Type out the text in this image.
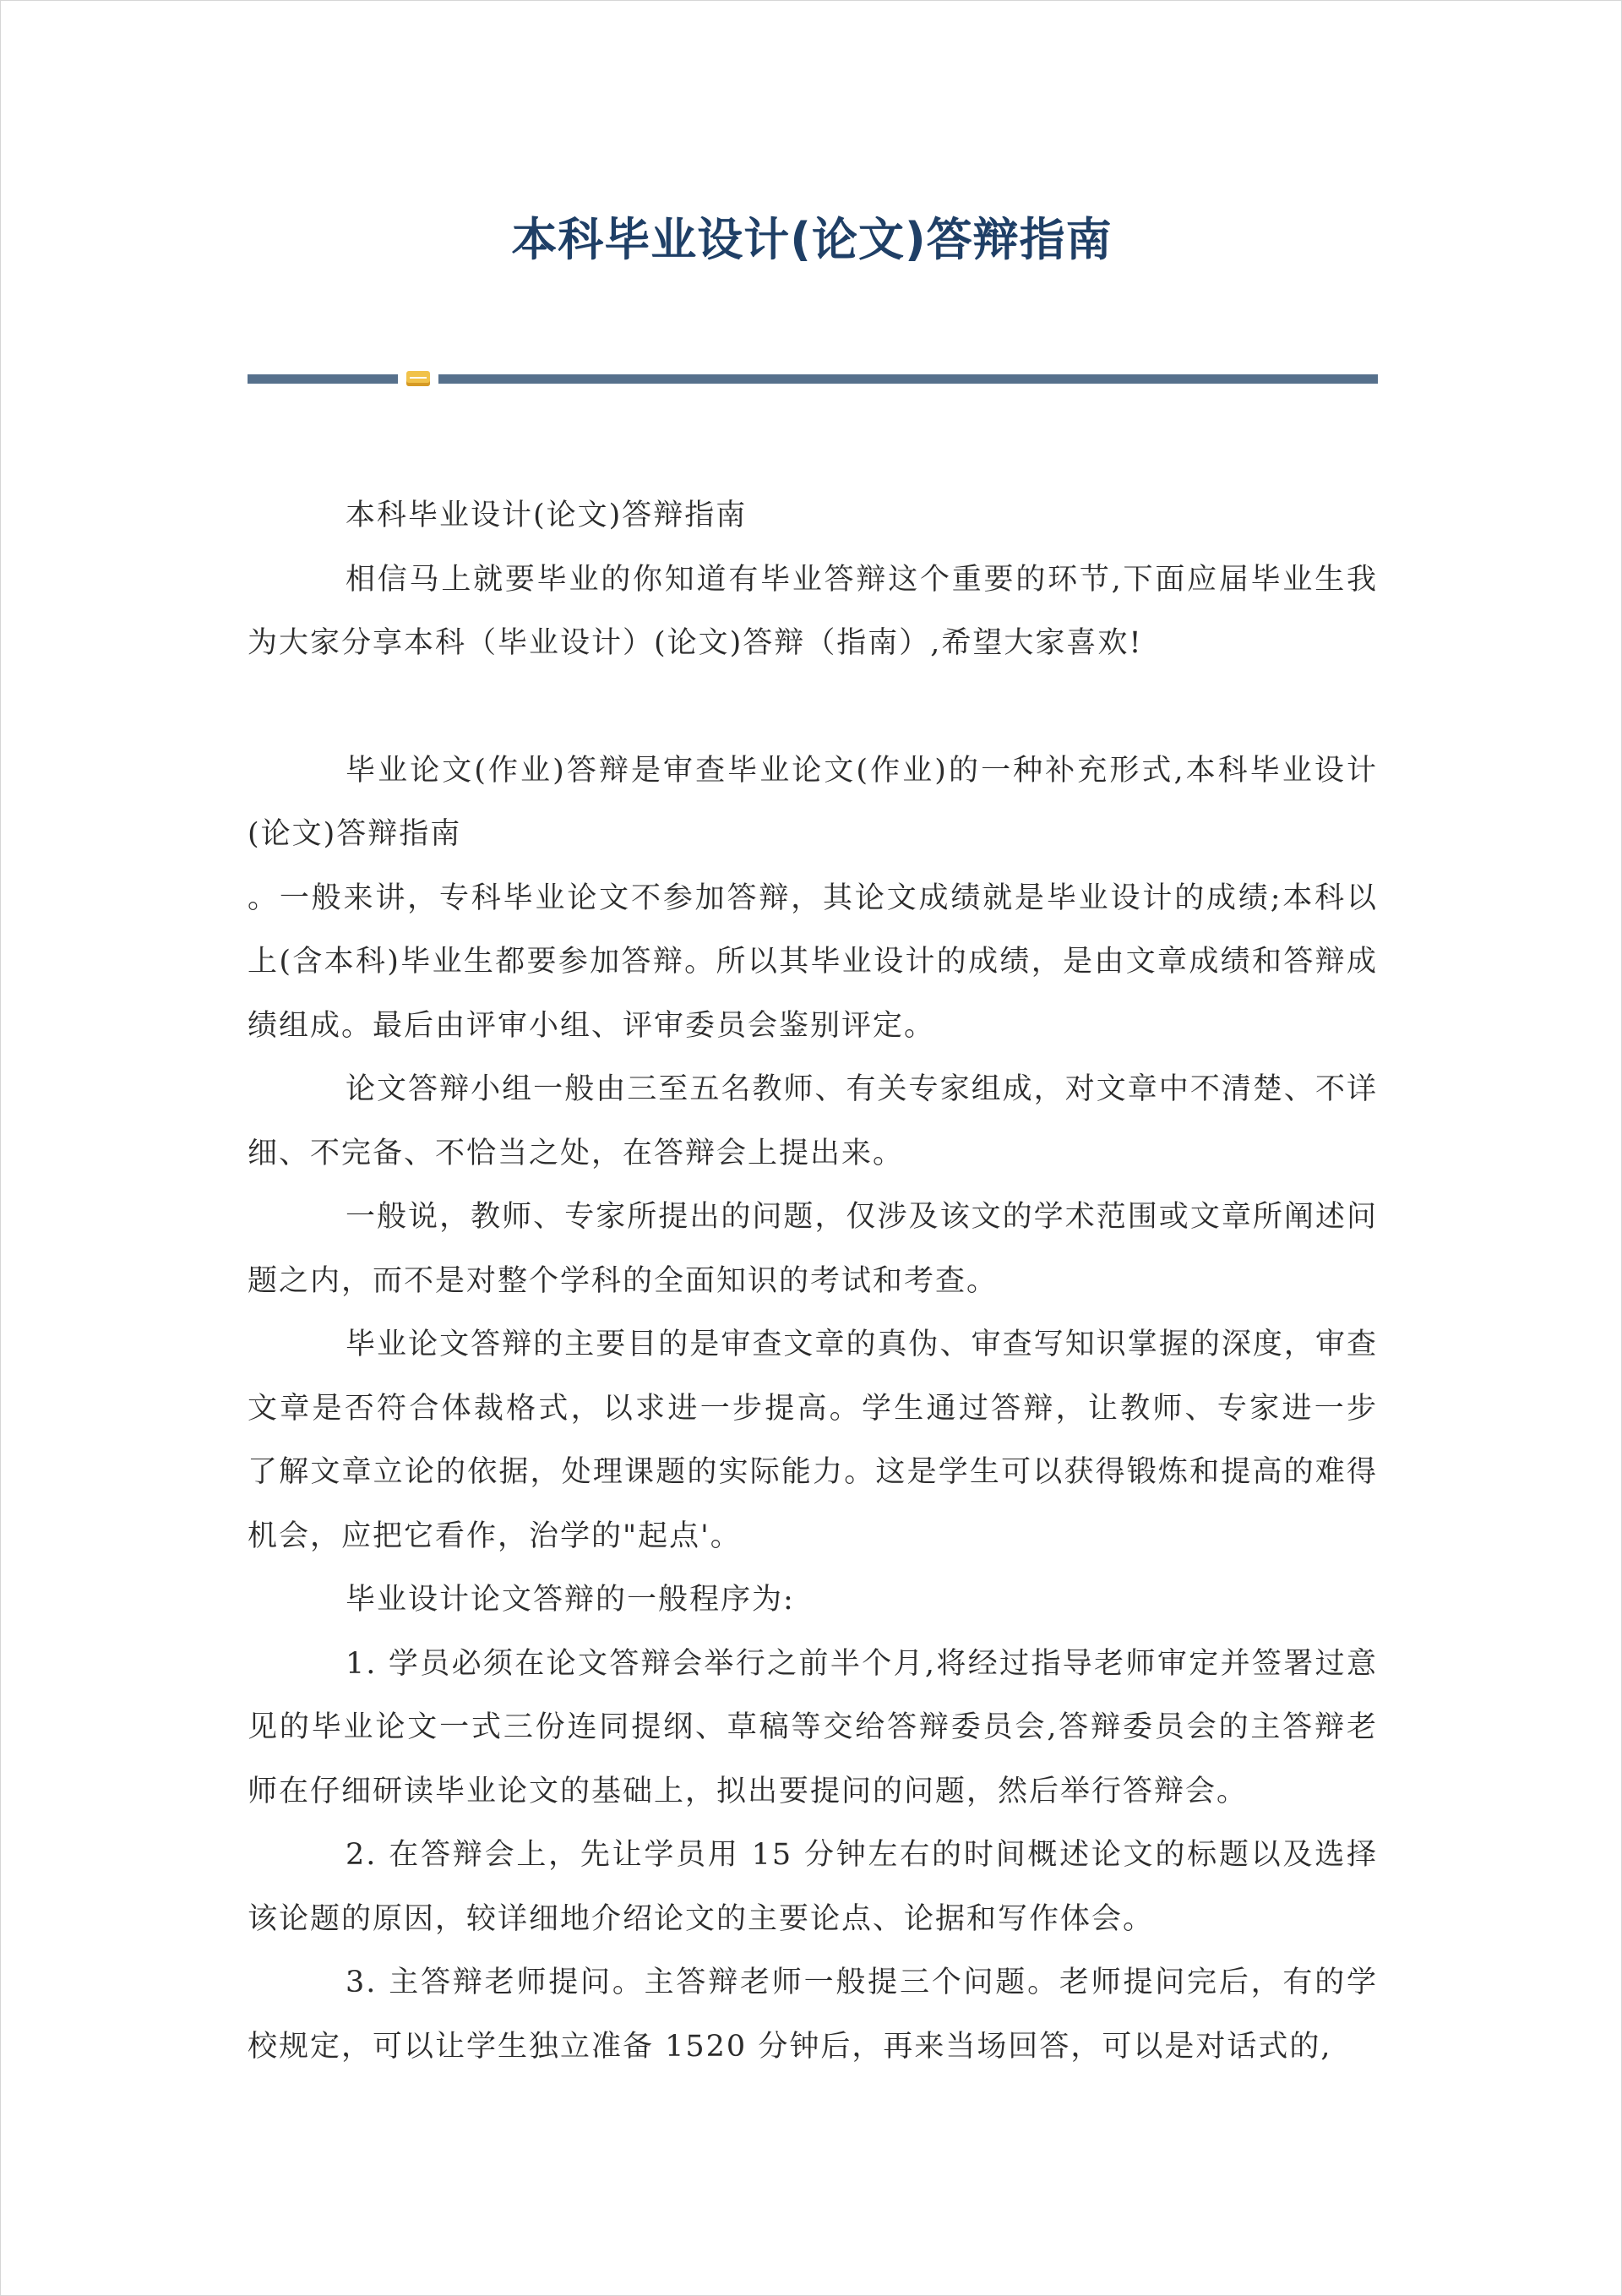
本科毕业设计(论文)答辩指南

本科毕业设计(论文)答辩指南

相信马上就要毕业的你知道有毕业答辩这个重要的环节,下面应届毕业生我为大家分享本科（毕业设计）(论文)答辩（指南）,希望大家喜欢!

毕业论文(作业)答辩是审查毕业论文(作业)的一种补充形式,本科毕业设计(论文)答辩指南

。一般来讲，专科毕业论文不参加答辩，其论文成绩就是毕业设计的成绩;本科以上(含本科)毕业生都要参加答辩。所以其毕业设计的成绩，是由文章成绩和答辩成绩组成。最后由评审小组、评审委员会鉴别评定。

论文答辩小组一般由三至五名教师、有关专家组成，对文章中不清楚、不详细、不完备、不恰当之处，在答辩会上提出来。

一般说，教师、专家所提出的问题，仅涉及该文的学术范围或文章所阐述问题之内，而不是对整个学科的全面知识的考试和考查。

毕业论文答辩的主要目的是审查文章的真伪、审查写知识掌握的深度，审查文章是否符合体裁格式，以求进一步提高。学生通过答辩，让教师、专家进一步 了解文章立论的依据，处理课题的实际能力。这是学生可以获得锻炼和提高的难得机会，应把它看作，治学的"起点'。

毕业设计论文答辩的一般程序为:

1. 学员必须在论文答辩会举行之前半个月,将经过指导老师审定并签署过意见的毕业论文一式三份连同提纲、草稿等交给答辩委员会,答辩委员会的主答辩老师在仔细研读毕业论文的基础上，拟出要提问的问题，然后举行答辩会。

2. 在答辩会上，先让学员用 15 分钟左右的时间概述论文的标题以及选择该论题的原因，较详细地介绍论文的主要论点、论据和写作体会。

3. 主答辩老师提问。主答辩老师一般提三个问题。老师提问完后，有的学校规定，可以让学生独立准备 1520 分钟后，再来当场回答，可以是对话式的,
